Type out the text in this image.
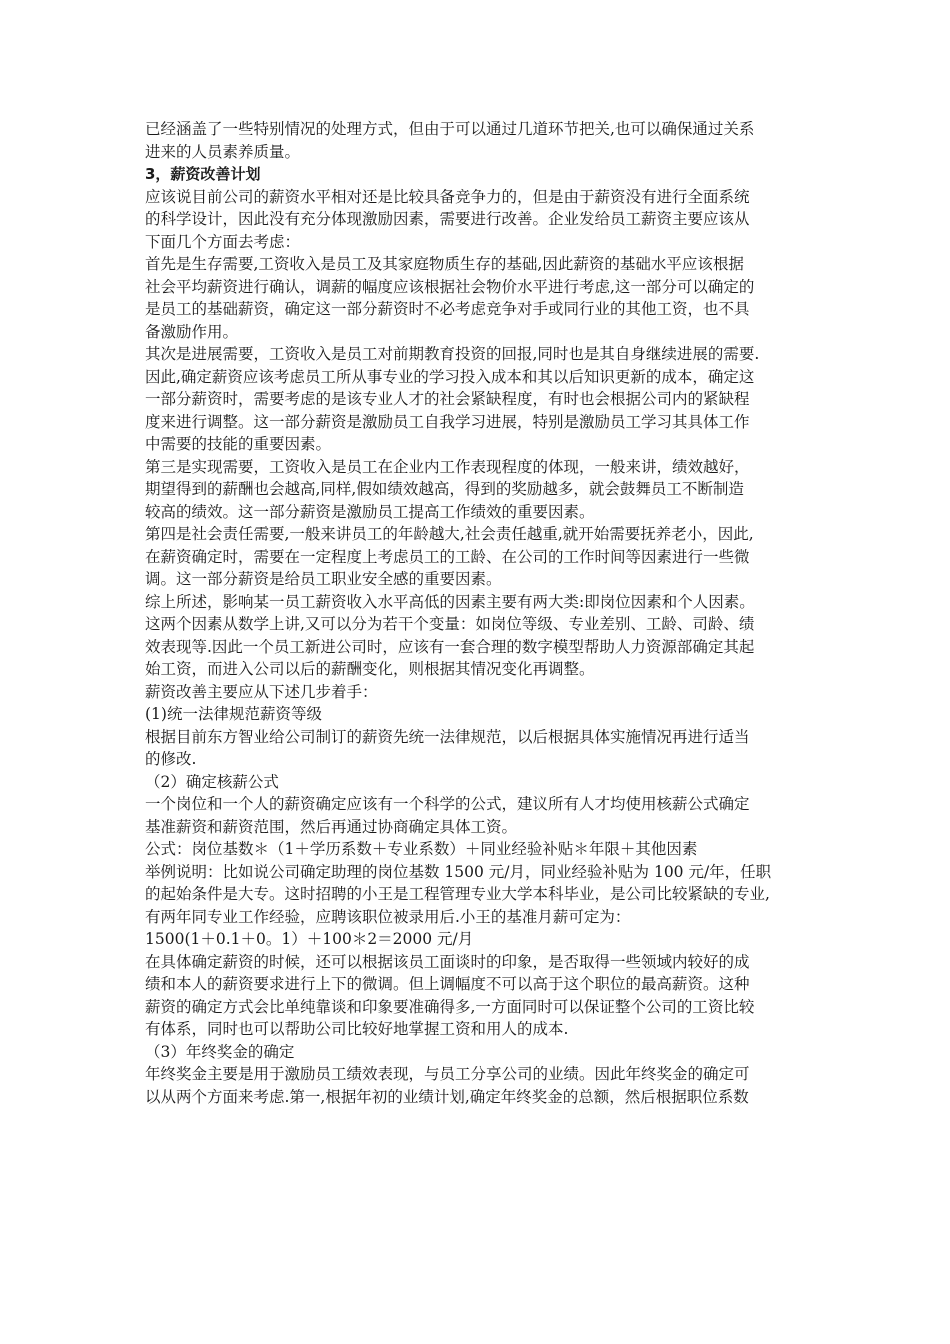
已经涵盖了一些特别情况的处理方式，但由于可以通过几道环节把关,也可以确保通过关系
进来的人员素养质量。
3，薪资改善计划
应该说目前公司的薪资水平相对还是比较具备竞争力的，但是由于薪资没有进行全面系统
的科学设计，因此没有充分体现激励因素，需要进行改善。企业发给员工薪资主要应该从
下面几个方面去考虑：
首先是生存需要,工资收入是员工及其家庭物质生存的基础,因此薪资的基础水平应该根据
社会平均薪资进行确认，调薪的幅度应该根据社会物价水平进行考虑,这一部分可以确定的
是员工的基础薪资，确定这一部分薪资时不必考虑竞争对手或同行业的其他工资，也不具
备激励作用。
其次是进展需要，工资收入是员工对前期教育投资的回报,同时也是其自身继续进展的需要.
因此,确定薪资应该考虑员工所从事专业的学习投入成本和其以后知识更新的成本，确定这
一部分薪资时，需要考虑的是该专业人才的社会紧缺程度，有时也会根据公司内的紧缺程
度来进行调整。这一部分薪资是激励员工自我学习进展，特别是激励员工学习其具体工作
中需要的技能的重要因素。
第三是实现需要，工资收入是员工在企业内工作表现程度的体现，一般来讲，绩效越好，
期望得到的薪酬也会越高,同样,假如绩效越高，得到的奖励越多，就会鼓舞员工不断制造
较高的绩效。这一部分薪资是激励员工提高工作绩效的重要因素。
第四是社会责任需要,一般来讲员工的年龄越大,社会责任越重,就开始需要抚养老小，因此,
在薪资确定时，需要在一定程度上考虑员工的工龄、在公司的工作时间等因素进行一些微
调。这一部分薪资是给员工职业安全感的重要因素。
综上所述，影响某一员工薪资收入水平高低的因素主要有两大类:即岗位因素和个人因素。
这两个因素从数学上讲,又可以分为若干个变量：如岗位等级、专业差别、工龄、司龄、绩
效表现等.因此一个员工新进公司时，应该有一套合理的数字模型帮助人力资源部确定其起
始工资，而进入公司以后的薪酬变化，则根据其情况变化再调整。
薪资改善主要应从下述几步着手：
(1)统一法律规范薪资等级
根据目前东方智业给公司制订的薪资先统一法律规范，以后根据具体实施情况再进行适当
的修改.
（2）确定核薪公式
一个岗位和一个人的薪资确定应该有一个科学的公式，建议所有人才均使用核薪公式确定
基准薪资和薪资范围，然后再通过协商确定具体工资。
公式：岗位基数＊（1＋学历系数＋专业系数）＋同业经验补贴＊年限＋其他因素
举例说明：比如说公司确定助理的岗位基数 1500 元/月，同业经验补贴为 100 元/年，任职
的起始条件是大专。这时招聘的小王是工程管理专业大学本科毕业，是公司比较紧缺的专业,
有两年同专业工作经验，应聘该职位被录用后.小王的基准月薪可定为：
1500(1＋0.1＋0。1）＋100＊2＝2000 元/月
在具体确定薪资的时候，还可以根据该员工面谈时的印象，是否取得一些领域内较好的成
绩和本人的薪资要求进行上下的微调。但上调幅度不可以高于这个职位的最高薪资。这种
薪资的确定方式会比单纯靠谈和印象要准确得多,一方面同时可以保证整个公司的工资比较
有体系，同时也可以帮助公司比较好地掌握工资和用人的成本.
（3）年终奖金的确定
年终奖金主要是用于激励员工绩效表现，与员工分享公司的业绩。因此年终奖金的确定可
以从两个方面来考虑.第一,根据年初的业绩计划,确定年终奖金的总额，然后根据职位系数
